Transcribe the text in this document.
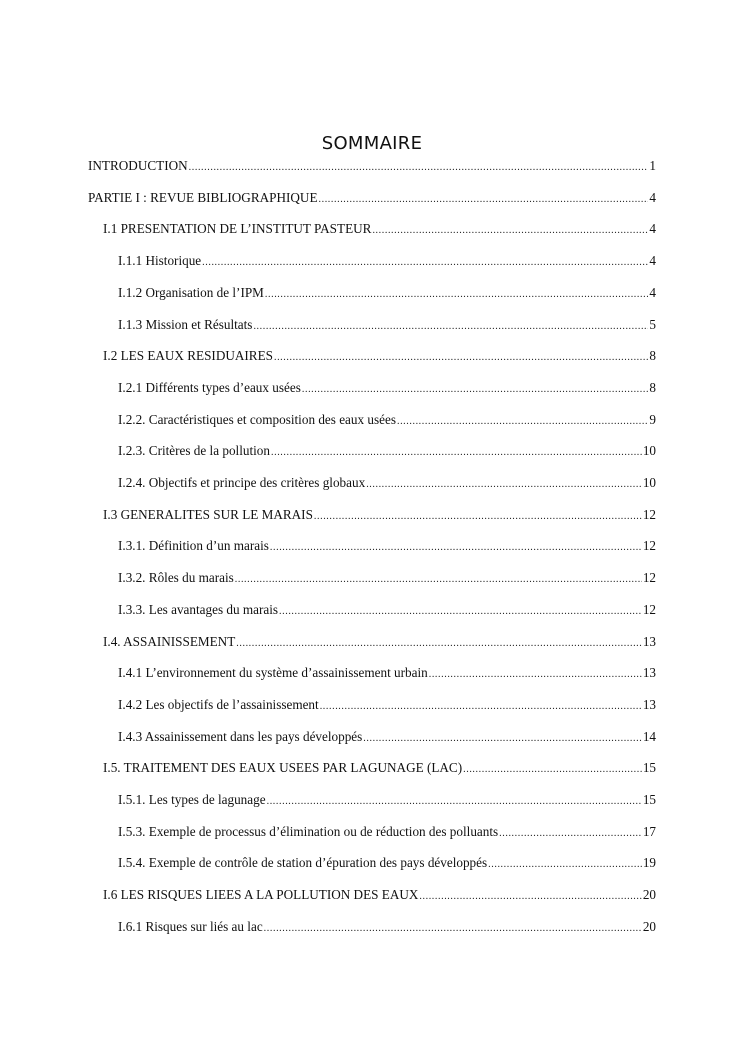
SOMMAIRE
INTRODUCTION .....	1
PARTIE I : REVUE BIBLIOGRAPHIQUE .....	4
I.1 PRESENTATION DE L’INSTITUT PASTEUR .....	4
I.1.1 Historique .....	4
I.1.2 Organisation de l’IPM .....	4
I.1.3 Mission et Résultats .....	5
I.2 LES EAUX RESIDUAIRES .....	8
I.2.1 Différents types d’eaux usées .....	8
I.2.2. Caractéristiques et composition des eaux usées .....	9
I.2.3. Critères de la pollution .....	10
I.2.4. Objectifs et principe des critères globaux .....	10
I.3 GENERALITES SUR LE MARAIS .....	12
I.3.1. Définition d’un marais .....	12
I.3.2. Rôles du marais .....	12
I.3.3. Les avantages du marais .....	12
I.4. ASSAINISSEMENT .....	13
I.4.1 L’environnement du système d’assainissement urbain .....	13
I.4.2 Les objectifs de l’assainissement .....	13
I.4.3 Assainissement dans les pays développés .....	14
I.5. TRAITEMENT DES EAUX USEES PAR LAGUNAGE (LAC) .....	15
I.5.1. Les types de lagunage .....	15
I.5.3. Exemple de processus d’élimination ou de réduction des polluants .....	17
I.5.4. Exemple de contrôle de station d’épuration des pays développés .....	19
I.6 LES RISQUES LIEES A LA POLLUTION DES EAUX .....	20
I.6.1 Risques sur liés au lac .....	20
